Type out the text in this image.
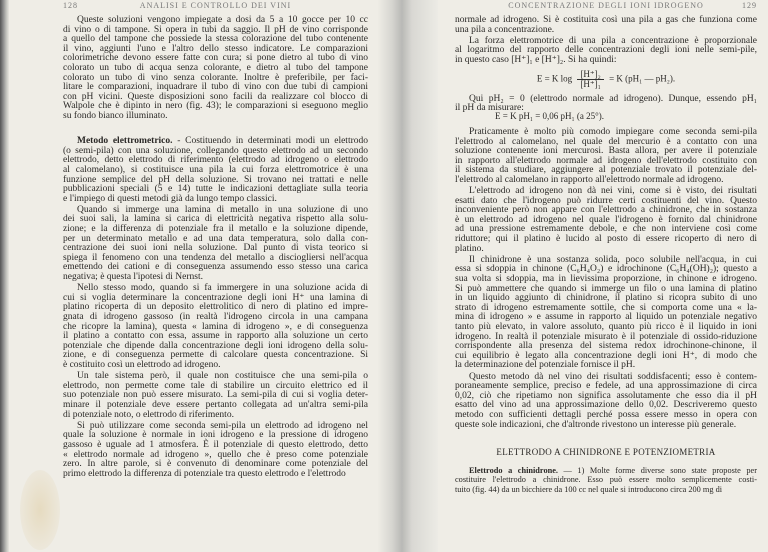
128	ANALISI E CONTROLLO DEI VINI
Queste soluzioni vengono impiegate a dosi da 5 a 10 gocce per 10 cc
di vino o di tampone. Si opera in tubi da saggio. Il pH de vino corrisponde
a quello del tampone che possiede la stessa colorazione del tubo contenente
il vino, aggiunti l'uno e l'altro dello stesso indicatore. Le comparazioni
colorimetriche devono essere fatte con cura; si pone dietro al tubo di vino
colorato un tubo di acqua senza colorante, e dietro al tubo del tampone
colorato un tubo di vino senza colorante. Inoltre è preferibile, per faci-
litare le comparazioni, inquadrare il tubo di vino con due tubi di campioni
con pH vicini. Queste disposizioni sono facili da realizzare col blocco di
Walpole che è dipinto in nero (fig. 43); le comparazioni si eseguono meglio
su fondo bianco illuminato.
Metodo elettrometrico. - Costituendo in determinati modi un elettrodo
(o semi-pila) con una soluzione, collegando questo elettrodo ad un secondo
elettrodo, detto elettrodo di riferimento (elettrodo ad idrogeno o elettrodo
al calomelano), si costituisce una pila la cui forza elettromotrice è una
funzione semplice del pH della soluzione. Si trovano nei trattati e nelle
pubblicazioni speciali (5 e 14) tutte le indicazioni dettagliate sulla teoria
e l'impiego di questi metodi già da lungo tempo classici.
Quando si immerge una lamina di metallo in una soluzione di uno
dei suoi sali, la lamina si carica di elettricità negativa rispetto alla solu-
zione; e la differenza di potenziale fra il metallo e la soluzione dipende,
per un determinato metallo e ad una data temperatura, solo dalla con-
centrazione dei suoi ioni nella soluzione. Dal punto di vista teorico si
spiega il fenomeno con una tendenza del metallo a disciogliersi nell'acqua
emettendo dei cationi e di conseguenza assumendo esso stesso una carica
negativa; è questa l'ipotesi di Nernst.
Nello stesso modo, quando si fa immergere in una soluzione acida di
cui si voglia determinare la concentrazione degli ioni H⁺ una lamina di
platino ricoperta di un deposito elettrolitico di nero di platino ed impre-
gnata di idrogeno gassoso (in realtà l'idrogeno circola in una campana
che ricopre la lamina), questa « lamina di idrogeno », e di conseguenza
il platino a contatto con essa, assume in rapporto alla soluzione un certo
potenziale che dipende dalla concentrazione degli ioni idrogeno della solu-
zione, e di conseguenza permette di calcolare questa concentrazione. Si
è costituito così un elettrodo ad idrogeno.
Un tale sistema però, il quale non costituisce che una semi-pila o
elettrodo, non permette come tale di stabilire un circuito elettrico ed il
suo potenziale non può essere misurato. La semi-pila di cui si voglia deter-
minare il potenziale deve essere pertanto collegata ad un'altra semi-pila
di potenziale noto, o elettrodo di riferimento.
Si può utilizzare come seconda semi-pila un elettrodo ad idrogeno nel
quale la soluzione è normale in ioni idrogeno e la pressione di idrogeno
gassoso è uguale ad 1 atmosfera. È il potenziale di questo elettrodo, detto
« elettrodo normale ad idrogeno », quello che è preso come potenziale
zero. In altre parole, si è convenuto di denominare come potenziale del
primo elettrodo la differenza di potenziale tra questo elettrodo e l'elettrodo
CONCENTRAZIONE DEGLI IONI IDROGENO	129
normale ad idrogeno. Si è costituita così una pila a gas che funziona come
una pila a concentrazione.
La forza elettromotrice di una pila a concentrazione è proporzionale
al logaritmo del rapporto delle concentrazioni degli ioni nelle semi-pile,
in questo caso [H⁺]₁ e [H⁺]₂. Si ha quindi:
E = K $\log \frac{\text{[H⁺]₂}}{\text{[H⁺]₁}} = K$ (pH₁ — pH₂).
Qui pH₂ = 0 (elettrodo normale ad idrogeno). Dunque, essendo pH₁
il pH da misurare:
E = K pH₁ = 0,06 pH₁ (a 25°).
Praticamente è molto più comodo impiegare come seconda semi-pila
l'elettrodo al calomelano, nel quale del mercurio è a contatto con una
soluzione contenente ioni mercurosi. Basta allora, per avere il potenziale
in rapporto all'elettrodo normale ad idrogeno dell'elettrodo costituito con
il sistema da studiare, aggiungere al potenziale trovato il potenziale del-
l'elettrodo al calomelano in rapporto all'elettrodo normale ad idrogeno.
L'elettrodo ad idrogeno non dà nei vini, come si è visto, dei risultati
esatti dato che l'idrogeno può ridurre certi costituenti del vino. Questo
inconveniente però non appare con l'elettrodo a chinidrone, che in sostanza
è un elettrodo ad idrogeno nel quale l'idrogeno è fornito dal chinidrone
ad una pressione estremamente debole, e che non interviene così come
riduttore; qui il platino è lucido al posto di essere ricoperto di nero di
platino.
Il chinidrone è una sostanza solida, poco solubile nell'acqua, in cui
essa si sdoppia in chinone (C₆H₄O₂) e idrochinone (C₆H₄(OH)₂); questo a
sua volta si sdoppia, ma in lievissima proporzione, in chinone e idrogeno.
Si può ammettere che quando si immerge un filo o una lamina di platino
in un liquido aggiunto di chinidrone, il platino si ricopra subito di uno
strato di idrogeno estremamente sottile, che si comporta come una « la-
mina di idrogeno » e assume in rapporto al liquido un potenziale negativo
tanto più elevato, in valore assoluto, quanto più ricco è il liquido in ioni
idrogeno. In realtà il potenziale misurato è il potenziale di ossido-riduzione
corrispondente alla presenza del sistema redox idrochinone-chinone, il
cui equilibrio è legato alla concentrazione degli ioni H⁺, di modo che
la determinazione del potenziale fornisce il pH.
Questo metodo dà nel vino dei risultati soddisfacenti; esso è contem-
poraneamente semplice, preciso e fedele, ad una approssimazione di circa
0,02, ciò che ripetiamo non significa assolutamente che esso dia il pH
esatto del vino ad una approssimazione dello 0,02. Descriveremo questo
metodo con sufficienti dettagli perché possa essere messo in opera con
queste sole indicazioni, che d'altronde rivestono un interesse più generale.
ELETTRODO A CHINIDRONE E POTENZIOMETRIA
Elettrodo a chinidrone. — 1) Molte forme diverse sono state proposte per
costituire l'elettrodo a chinidrone. Esso può essere molto semplicemente costi-
tuito (fig. 44) da un bicchiere da 100 cc nel quale si introducono circa 200 mg di
